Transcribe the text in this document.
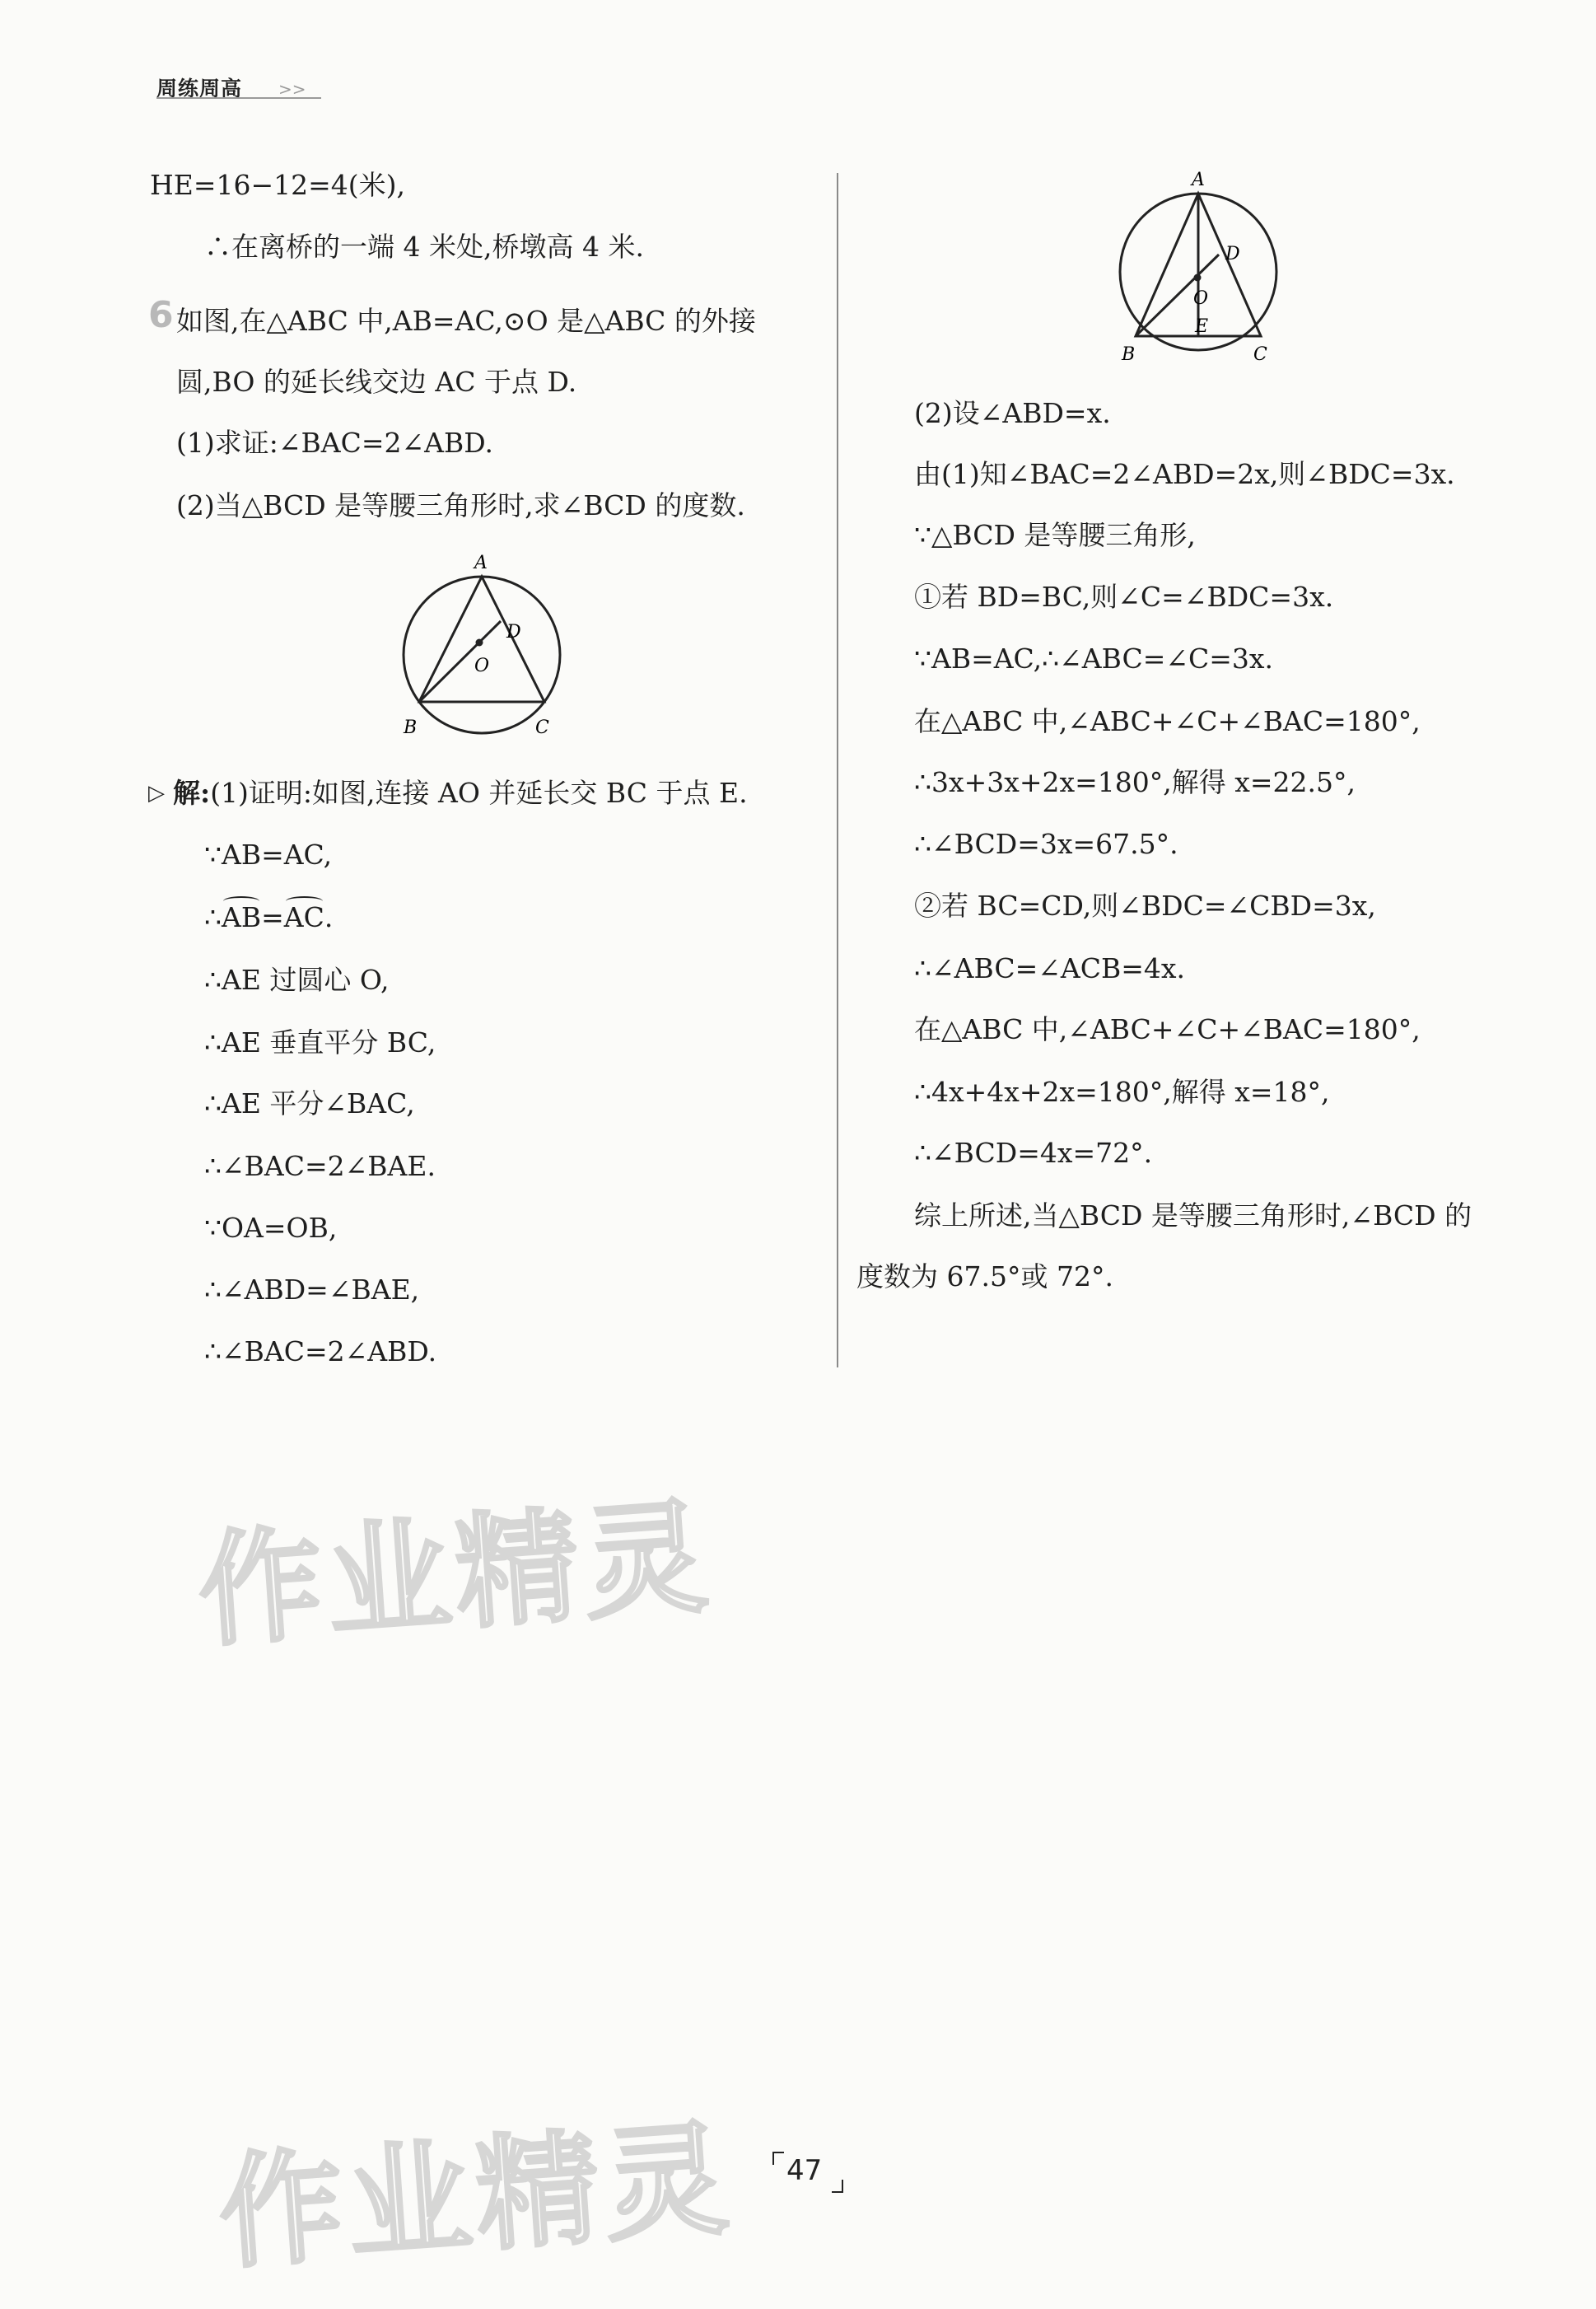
周练周高 >>
HE=16−12=4(米),
∴在离桥的一端 4 米处,桥墩高 4 米.
6 如图,在△ABC 中,AB=AC,⊙O 是△ABC 的外接
圆,BO 的延长线交边 AC 于点 D.
(1)求证:∠BAC=2∠ABD.
(2)当△BCD 是等腰三角形时,求∠BCD 的度数.
A
B	C
D
O
▷ 解:(1)证明:如图,连接 AO 并延长交 BC 于点 E.
∵AB=AC,
∴AB=AC.
∴AE 过圆心 O,
∴AE 垂直平分 BC,
∴AE 平分∠BAC,
∴∠BAC=2∠BAE.
∵OA=OB,
∴∠ABD=∠BAE,
∴∠BAC=2∠ABD.
A
B	C
D
O
E
(2)设∠ABD=x.
由(1)知∠BAC=2∠ABD=2x,则∠BDC=3x.
∵△BCD 是等腰三角形,
①若 BD=BC,则∠C=∠BDC=3x.
∵AB=AC,∴∠ABC=∠C=3x.
在△ABC 中,∠ABC+∠C+∠BAC=180°,
∴3x+3x+2x=180°,解得 x=22.5°,
∴∠BCD=3x=67.5°.
②若 BC=CD,则∠BDC=∠CBD=3x,
∴∠ABC=∠ACB=4x.
在△ABC 中,∠ABC+∠C+∠BAC=180°,
∴4x+4x+2x=180°,解得 x=18°,
∴∠BCD=4x=72°.
综上所述,当△BCD 是等腰三角形时,∠BCD 的
度数为 67.5°或 72°.
作业精灵
作业精灵 47
